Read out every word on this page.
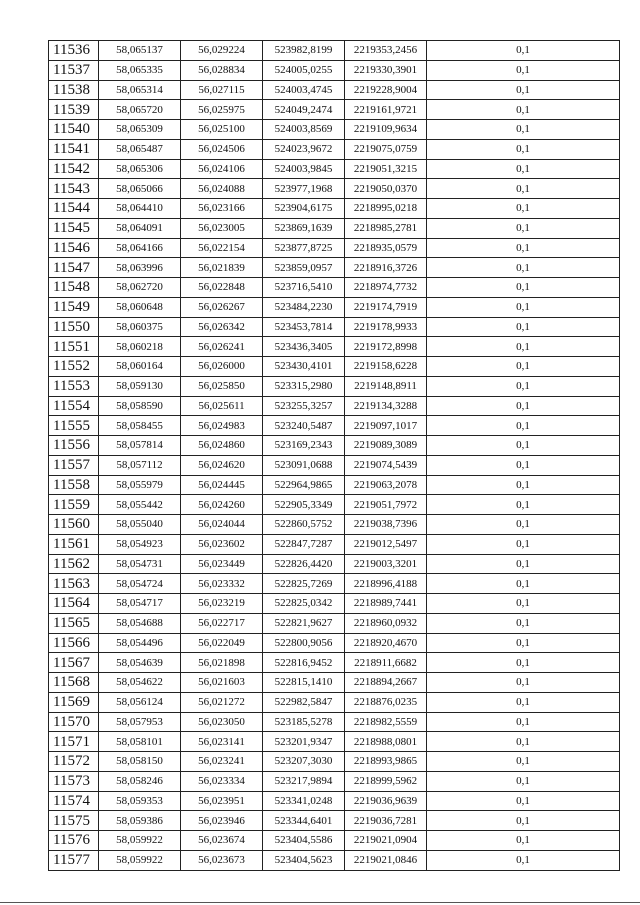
11536	58,065137	56,029224	523982,8199	2219353,2456	0,1
11537	58,065335	56,028834	524005,0255	2219330,3901	0,1
11538	58,065314	56,027115	524003,4745	2219228,9004	0,1
11539	58,065720	56,025975	524049,2474	2219161,9721	0,1
11540	58,065309	56,025100	524003,8569	2219109,9634	0,1
11541	58,065487	56,024506	524023,9672	2219075,0759	0,1
11542	58,065306	56,024106	524003,9845	2219051,3215	0,1
11543	58,065066	56,024088	523977,1968	2219050,0370	0,1
11544	58,064410	56,023166	523904,6175	2218995,0218	0,1
11545	58,064091	56,023005	523869,1639	2218985,2781	0,1
11546	58,064166	56,022154	523877,8725	2218935,0579	0,1
11547	58,063996	56,021839	523859,0957	2218916,3726	0,1
11548	58,062720	56,022848	523716,5410	2218974,7732	0,1
11549	58,060648	56,026267	523484,2230	2219174,7919	0,1
11550	58,060375	56,026342	523453,7814	2219178,9933	0,1
11551	58,060218	56,026241	523436,3405	2219172,8998	0,1
11552	58,060164	56,026000	523430,4101	2219158,6228	0,1
11553	58,059130	56,025850	523315,2980	2219148,8911	0,1
11554	58,058590	56,025611	523255,3257	2219134,3288	0,1
11555	58,058455	56,024983	523240,5487	2219097,1017	0,1
11556	58,057814	56,024860	523169,2343	2219089,3089	0,1
11557	58,057112	56,024620	523091,0688	2219074,5439	0,1
11558	58,055979	56,024445	522964,9865	2219063,2078	0,1
11559	58,055442	56,024260	522905,3349	2219051,7972	0,1
11560	58,055040	56,024044	522860,5752	2219038,7396	0,1
11561	58,054923	56,023602	522847,7287	2219012,5497	0,1
11562	58,054731	56,023449	522826,4420	2219003,3201	0,1
11563	58,054724	56,023332	522825,7269	2218996,4188	0,1
11564	58,054717	56,023219	522825,0342	2218989,7441	0,1
11565	58,054688	56,022717	522821,9627	2218960,0932	0,1
11566	58,054496	56,022049	522800,9056	2218920,4670	0,1
11567	58,054639	56,021898	522816,9452	2218911,6682	0,1
11568	58,054622	56,021603	522815,1410	2218894,2667	0,1
11569	58,056124	56,021272	522982,5847	2218876,0235	0,1
11570	58,057953	56,023050	523185,5278	2218982,5559	0,1
11571	58,058101	56,023141	523201,9347	2218988,0801	0,1
11572	58,058150	56,023241	523207,3030	2218993,9865	0,1
11573	58,058246	56,023334	523217,9894	2218999,5962	0,1
11574	58,059353	56,023951	523341,0248	2219036,9639	0,1
11575	58,059386	56,023946	523344,6401	2219036,7281	0,1
11576	58,059922	56,023674	523404,5586	2219021,0904	0,1
11577	58,059922	56,023673	523404,5623	2219021,0846	0,1
